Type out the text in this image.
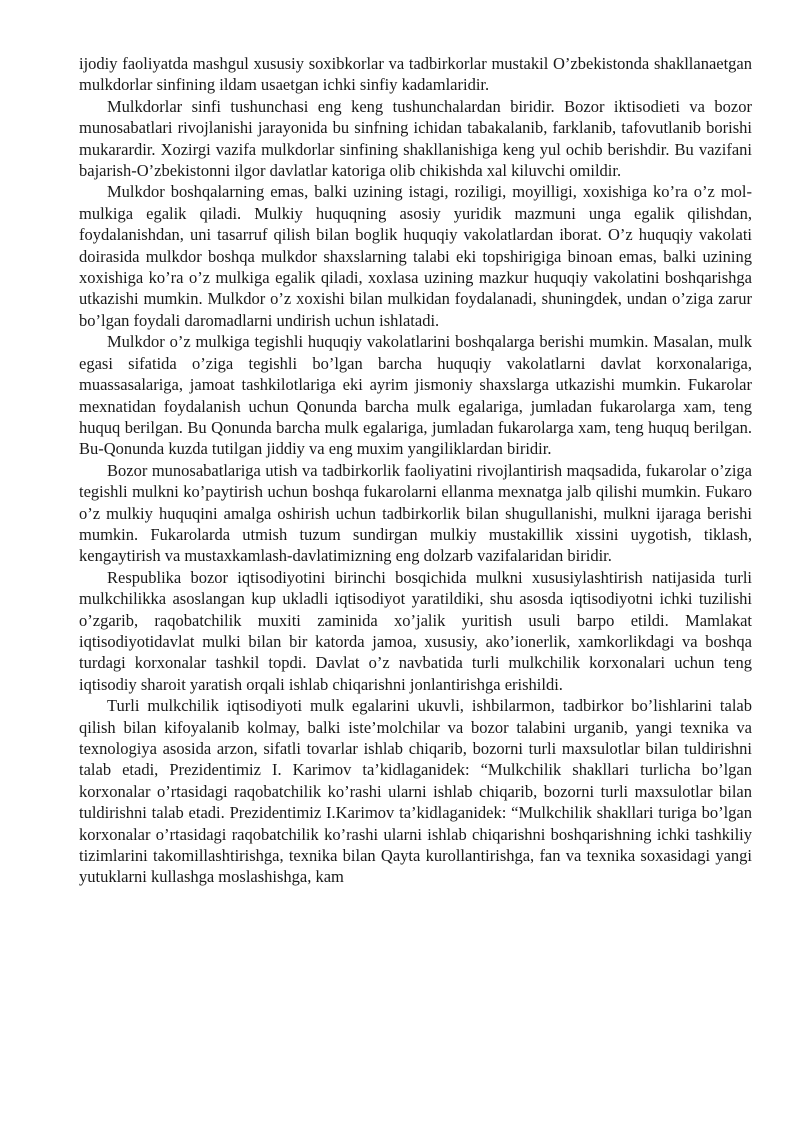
ijodiy faoliyatda mashgul xususiy soxibkorlar va tadbirkorlar mustakil O’zbekistonda shakllanaetgan mulkdorlar sinfining ildam usaetgan ichki sinfiy kadamlaridir.

Mulkdorlar sinfi tushunchasi eng keng tushunchalardan biridir. Bozor iktisodieti va bozor munosabatlari rivojlanishi jarayonida bu sinfning ichidan tabakalanib, farklanib, tafovutlanib borishi mukarardir. Xozirgi vazifa mulkdorlar sinfining shakllanishiga keng yul ochib berishdir. Bu vazifani bajarish-O’zbekistonni ilgor davlatlar katoriga olib chikishda xal kiluvchi omildir.

Mulkdor boshqalarning emas, balki uzining istagi, roziligi, moyilligi, xoxishiga ko’ra o’z mol-mulkiga egalik qiladi. Mulkiy huquqning asosiy yuridik mazmuni unga egalik qilishdan, foydalanishdan, uni tasarruf qilish bilan boglik huquqiy vakolatlardan iborat. O’z huquqiy vakolati doirasida mulkdor boshqa mulkdor shaxslarning talabi eki topshirigiga binoan emas, balki uzining xoxishiga ko’ra o’z mulkiga egalik qiladi, xoxlasa uzining mazkur huquqiy vakolatini boshqarishga utkazishi mumkin. Mulkdor o’z xoxishi bilan mulkidan foydalanadi, shuningdek, undan o’ziga zarur bo’lgan foydali daromadlarni undirish uchun ishlatadi.

Mulkdor o’z mulkiga tegishli huquqiy vakolatlarini boshqalarga berishi mumkin. Masalan, mulk egasi sifatida o’ziga tegishli bo’lgan barcha huquqiy vakolatlarni davlat korxonalariga, muassasalariga, jamoat tashkilotlariga eki ayrim jismoniy shaxslarga utkazishi mumkin. Fukarolar mexnatidan foydalanish uchun Qonunda barcha mulk egalariga, jumladan fukarolarga xam, teng huquq berilgan. Bu Qonunda barcha mulk egalariga, jumladan fukarolarga xam, teng huquq berilgan. Bu-Qonunda kuzda tutilgan jiddiy va eng muxim yangiliklardan biridir.

Bozor munosabatlariga utish va tadbirkorlik faoliyatini rivojlantirish maqsadida, fukarolar o’ziga tegishli mulkni ko’paytirish uchun boshqa fukarolarni ellanma mexnatga jalb qilishi mumkin. Fukaro o’z mulkiy huquqini amalga oshirish uchun tadbirkorlik bilan shugullanishi, mulkni ijaraga berishi mumkin. Fukarolarda utmish tuzum sundirgan mulkiy mustakillik xissini uygotish, tiklash, kengaytirish va mustaxkamlash-davlatimizning eng dolzarb vazifalaridan biridir.

Respublika bozor iqtisodiyotini birinchi bosqichida mulkni xususiylashtirish natijasida turli mulkchilikka asoslangan kup ukladli iqtisodiyot yaratildiki, shu asosda iqtisodiyotni ichki tuzilishi o’zgarib, raqobatchilik muxiti zaminida xo’jalik yuritish usuli barpo etildi. Mamlakat iqtisodiyotidavlat mulki bilan bir katorda jamoa, xususiy, ako’ionerlik, xamkorlikdagi va boshqa turdagi korxonalar tashkil topdi. Davlat o’z navbatida turli mulkchilik korxonalari uchun teng iqtisodiy sharoit yaratish orqali ishlab chiqarishni jonlantirishga erishildi.

Turli mulkchilik iqtisodiyoti mulk egalarini ukuvli, ishbilarmon, tadbirkor bo’lishlarini talab qilish bilan kifoyalanib kolmay, balki iste’molchilar va bozor talabini urganib, yangi texnika va texnologiya asosida arzon, sifatli tovarlar ishlab chiqarib, bozorni turli maxsulotlar bilan tuldirishni talab etadi, Prezidentimiz I. Karimov ta’kidlaganidek: “Mulkchilik shakllari turlicha bo’lgan korxonalar o’rtasidagi raqobatchilik ko’rashi ularni ishlab chiqarib, bozorni turli maxsulotlar bilan tuldirishni talab etadi. Prezidentimiz I.Karimov ta’kidlaganidek: “Mulkchilik shakllari turiga bo’lgan korxonalar o’rtasidagi raqobatchilik ko’rashi ularni ishlab chiqarishni boshqarishning ichki tashkiliy tizimlarini takomillashtirishga, texnika bilan Qayta kurollantirishga, fan va texnika soxasidagi yangi yutuklarni kullashga moslashishga, kam
